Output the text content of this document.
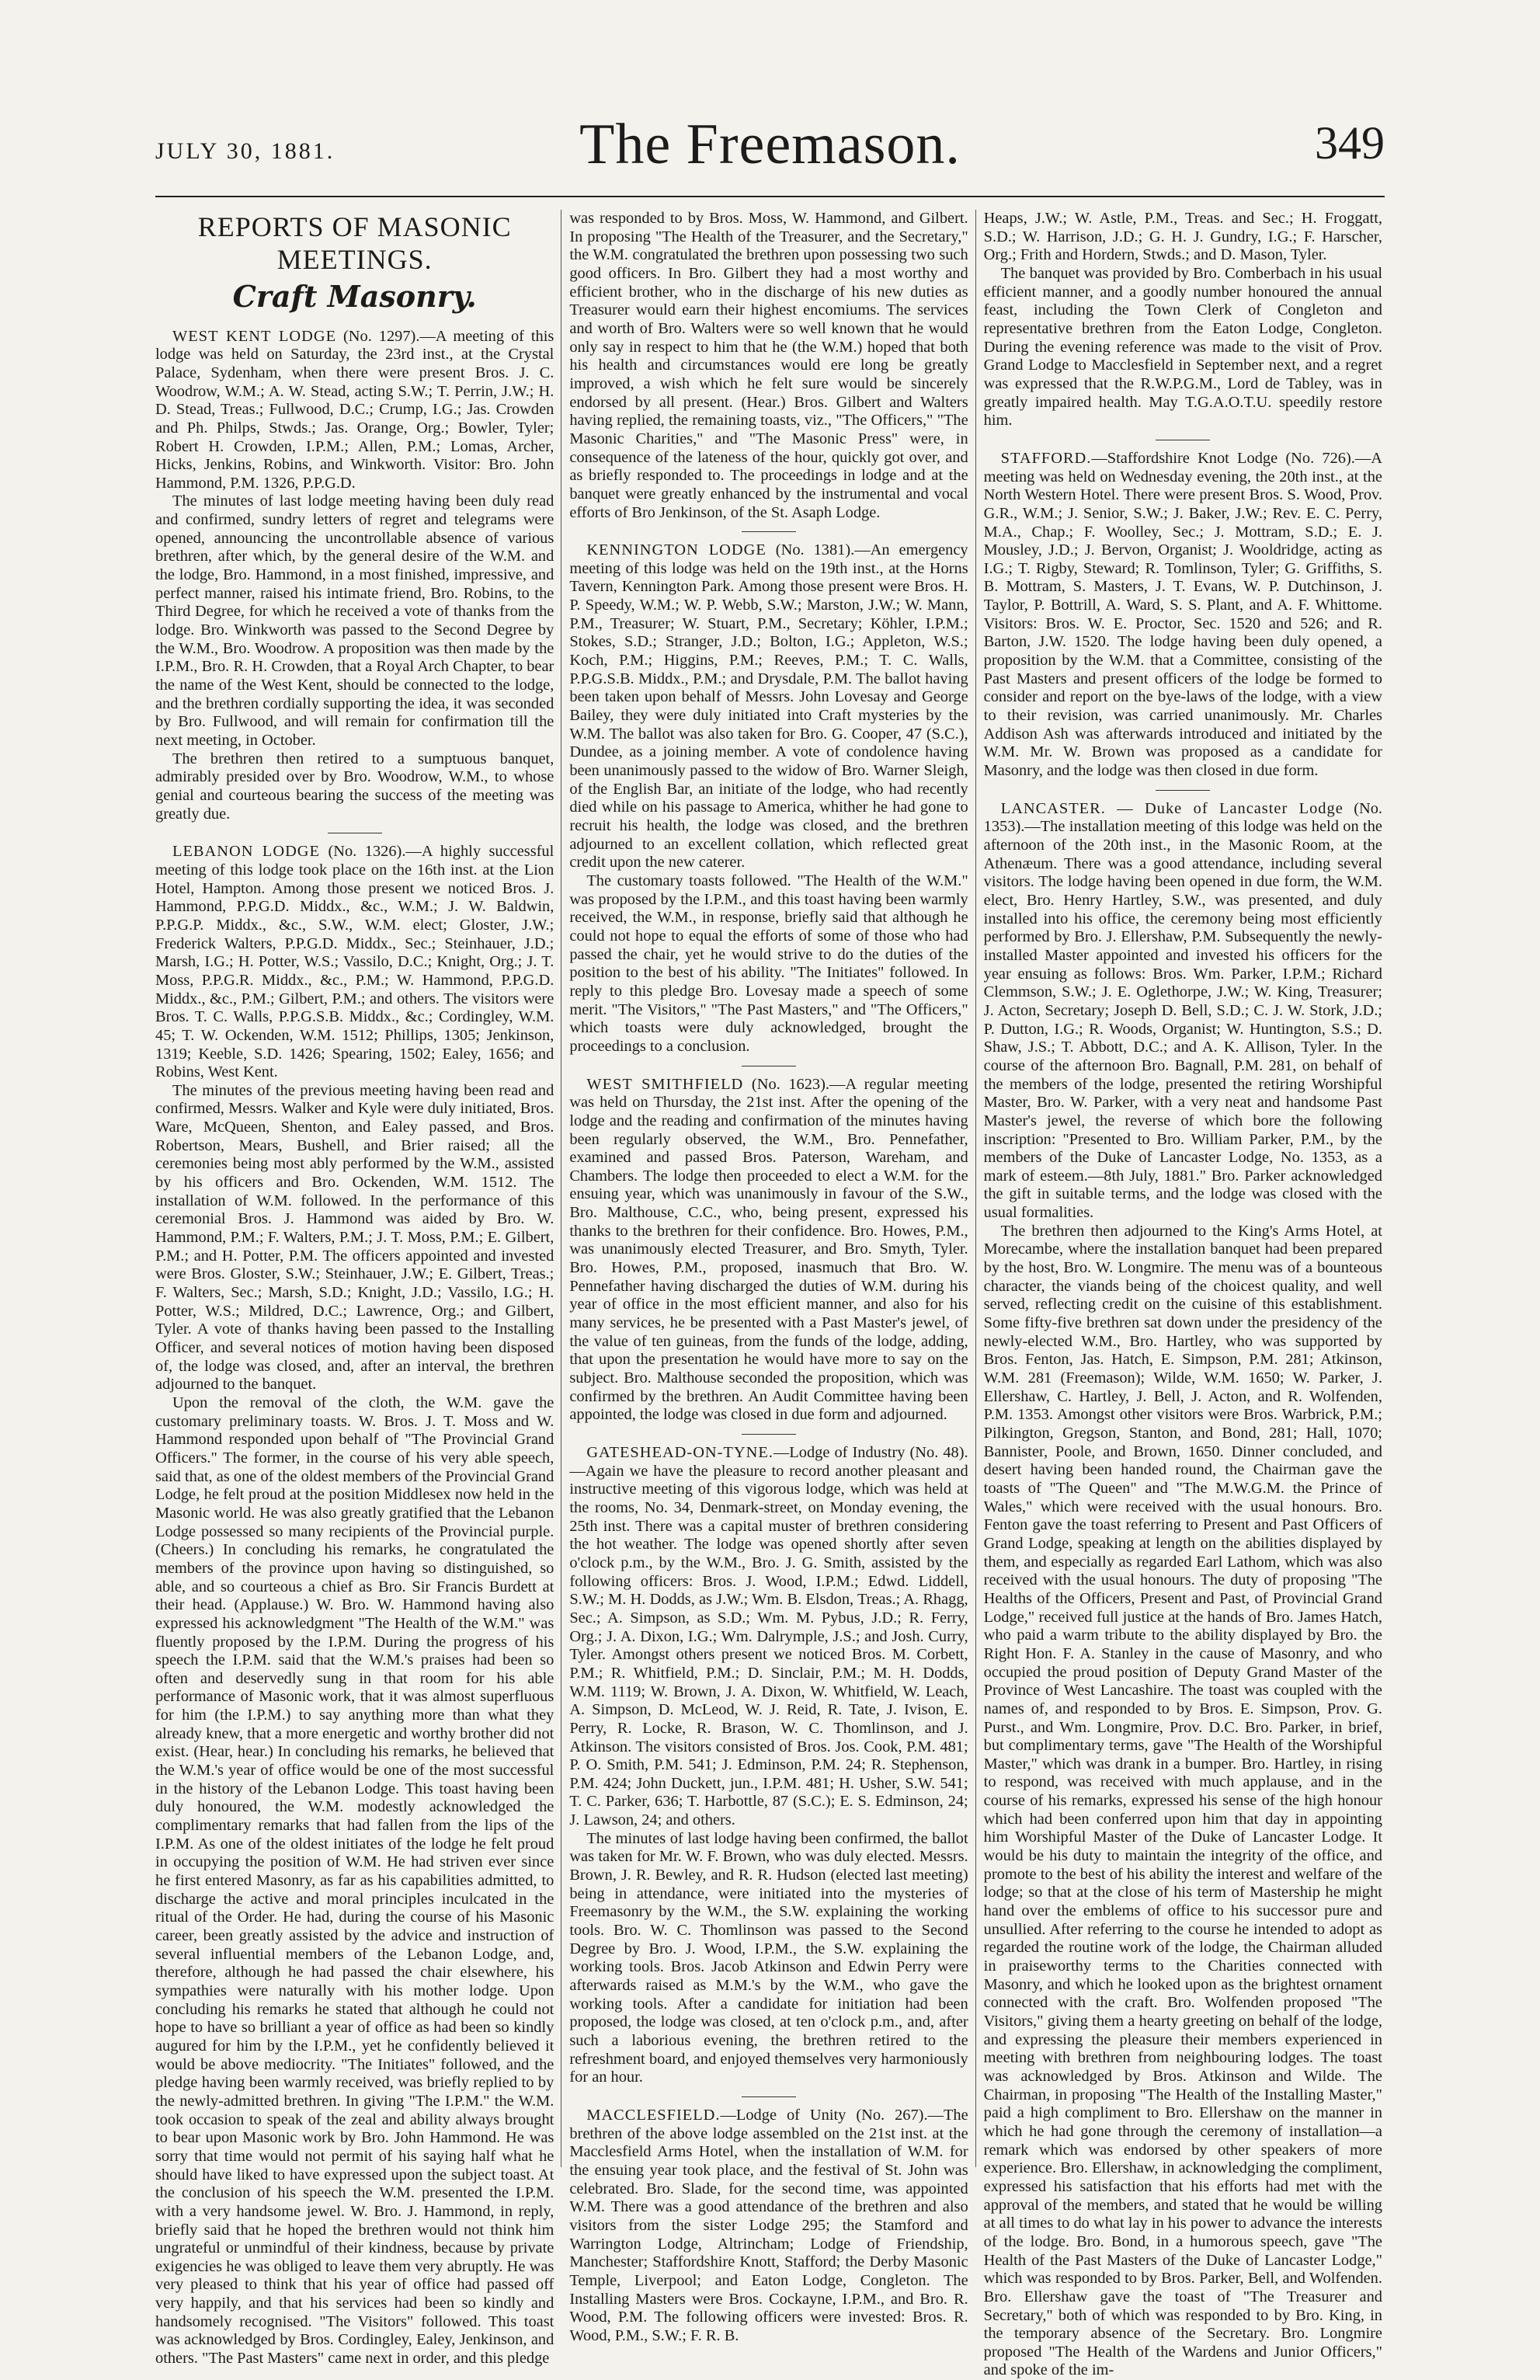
JULY 30, 1881.	The Freemason.	349
REPORTS OF MASONIC MEETINGS.
Craft Masonry.

WEST KENT LODGE (No. 1297).—A meeting of this lodge was held on Saturday, the 23rd inst., at the Crystal Palace, Sydenham, when there were present Bros. J. C. Woodrow, W.M.; A. W. Stead, acting S.W.; T. Perrin, J.W.; H. D. Stead, Treas.; Fullwood, D.C.; Crump, I.G.; Jas. Crowden and Ph. Philps, Stwds.; Jas. Orange, Org.; Bowler, Tyler; Robert H. Crowden, I.P.M.; Allen, P.M.; Lomas, Archer, Hicks, Jenkins, Robins, and Winkworth. Visitor: Bro. John Hammond, P.M. 1326, P.P.G.D.

The minutes of last lodge meeting having been duly read and confirmed, sundry letters of regret and telegrams were opened, announcing the uncontrollable absence of various brethren, after which, by the general desire of the W.M. and the lodge, Bro. Hammond, in a most finished, impressive, and perfect manner, raised his intimate friend, Bro. Robins, to the Third Degree, for which he received a vote of thanks from the lodge. Bro. Winkworth was passed to the Second Degree by the W.M., Bro. Woodrow. A proposition was then made by the I.P.M., Bro. R. H. Crowden, that a Royal Arch Chapter, to bear the name of the West Kent, should be connected to the lodge, and the brethren cordially supporting the idea, it was seconded by Bro. Fullwood, and will remain for confirmation till the next meeting, in October.

The brethren then retired to a sumptuous banquet, admirably presided over by Bro. Woodrow, W.M., to whose genial and courteous bearing the success of the meeting was greatly due.

LEBANON LODGE (No. 1326).—A highly successful meeting of this lodge took place on the 16th inst. at the Lion Hotel, Hampton. Among those present we noticed Bros. J. Hammond, P.P.G.D. Middx., &c., W.M.; J. W. Baldwin, P.P.G.P. Middx., &c., S.W., W.M. elect; Gloster, J.W.; Frederick Walters, P.P.G.D. Middx., Sec.; Steinhauer, J.D.; Marsh, I.G.; H. Potter, W.S.; Vassilo, D.C.; Knight, Org.; J. T. Moss, P.P.G.R. Middx., &c., P.M.; W. Hammond, P.P.G.D. Middx., &c., P.M.; Gilbert, P.M.; and others. The visitors were Bros. T. C. Walls, P.P.G.S.B. Middx., &c.; Cordingley, W.M. 45; T. W. Ockenden, W.M. 1512; Phillips, 1305; Jenkinson, 1319; Keeble, S.D. 1426; Spearing, 1502; Ealey, 1656; and Robins, West Kent.

The minutes of the previous meeting having been read and confirmed, Messrs. Walker and Kyle were duly initiated, Bros. Ware, McQueen, Shenton, and Ealey passed, and Bros. Robertson, Mears, Bushell, and Brier raised; all the ceremonies being most ably performed by the W.M., assisted by his officers and Bro. Ockenden, W.M. 1512. The installation of W.M. followed. In the performance of this ceremonial Bros. J. Hammond was aided by Bro. W. Hammond, P.M.; F. Walters, P.M.; J. T. Moss, P.M.; E. Gilbert, P.M.; and H. Potter, P.M. The officers appointed and invested were Bros. Gloster, S.W.; Steinhauer, J.W.; E. Gilbert, Treas.; F. Walters, Sec.; Marsh, S.D.; Knight, J.D.; Vassilo, I.G.; H. Potter, W.S.; Mildred, D.C.; Lawrence, Org.; and Gilbert, Tyler. A vote of thanks having been passed to the Installing Officer, and several notices of motion having been disposed of, the lodge was closed, and, after an interval, the brethren adjourned to the banquet.

Upon the removal of the cloth, the W.M. gave the customary preliminary toasts. W. Bros. J. T. Moss and W. Hammond responded upon behalf of "The Provincial Grand Officers." The former, in the course of his very able speech, said that, as one of the oldest members of the Provincial Grand Lodge, he felt proud at the position Middlesex now held in the Masonic world. He was also greatly gratified that the Lebanon Lodge possessed so many recipients of the Provincial purple. (Cheers.) In concluding his remarks, he congratulated the members of the province upon having so distinguished, so able, and so courteous a chief as Bro. Sir Francis Burdett at their head. (Applause.) W. Bro. W. Hammond having also expressed his acknowledgment "The Health of the W.M." was fluently proposed by the I.P.M. During the progress of his speech the I.P.M. said that the W.M.'s praises had been so often and deservedly sung in that room for his able performance of Masonic work, that it was almost superfluous for him (the I.P.M.) to say anything more than what they already knew, that a more energetic and worthy brother did not exist. (Hear, hear.) In concluding his remarks, he believed that the W.M.'s year of office would be one of the most successful in the history of the Lebanon Lodge. This toast having been duly honoured, the W.M. modestly acknowledged the complimentary remarks that had fallen from the lips of the I.P.M. As one of the oldest initiates of the lodge he felt proud in occupying the position of W.M. He had striven ever since he first entered Masonry, as far as his capabilities admitted, to discharge the active and moral principles inculcated in the ritual of the Order. He had, during the course of his Masonic career, been greatly assisted by the advice and instruction of several influential members of the Lebanon Lodge, and, therefore, although he had passed the chair elsewhere, his sympathies were naturally with his mother lodge. Upon concluding his remarks he stated that although he could not hope to have so brilliant a year of office as had been so kindly augured for him by the I.P.M., yet he confidently believed it would be above mediocrity. "The Initiates" followed, and the pledge having been warmly received, was briefly replied to by the newly-admitted brethren. In giving "The I.P.M." the W.M. took occasion to speak of the zeal and ability always brought to bear upon Masonic work by Bro. John Hammond. He was sorry that time would not permit of his saying half what he should have liked to have expressed upon the subject toast. At the conclusion of his speech the W.M. presented the I.P.M. with a very handsome jewel. W. Bro. J. Hammond, in reply, briefly said that he hoped the brethren would not think him ungrateful or unmindful of their kindness, because by private exigencies he was obliged to leave them very abruptly. He was very pleased to think that his year of office had passed off very happily, and that his services had been so kindly and handsomely recognised. "The Visitors" followed. This toast was acknowledged by Bros. Cordingley, Ealey, Jenkinson, and others. "The Past Masters" came next in order, and this pledge

was responded to by Bros. Moss, W. Hammond, and Gilbert. In proposing "The Health of the Treasurer, and the Secretary," the W.M. congratulated the brethren upon possessing two such good officers. In Bro. Gilbert they had a most worthy and efficient brother, who in the discharge of his new duties as Treasurer would earn their highest encomiums. The services and worth of Bro. Walters were so well known that he would only say in respect to him that he (the W.M.) hoped that both his health and circumstances would ere long be greatly improved, a wish which he felt sure would be sincerely endorsed by all present. (Hear.) Bros. Gilbert and Walters having replied, the remaining toasts, viz., "The Officers," "The Masonic Charities," and "The Masonic Press" were, in consequence of the lateness of the hour, quickly got over, and as briefly responded to. The proceedings in lodge and at the banquet were greatly enhanced by the instrumental and vocal efforts of Bro Jenkinson, of the St. Asaph Lodge.

KENNINGTON LODGE (No. 1381).—An emergency meeting of this lodge was held on the 19th inst., at the Horns Tavern, Kennington Park. Among those present were Bros. H. P. Speedy, W.M.; W. P. Webb, S.W.; Marston, J.W.; W. Mann, P.M., Treasurer; W. Stuart, P.M., Secretary; Köhler, I.P.M.; Stokes, S.D.; Stranger, J.D.; Bolton, I.G.; Appleton, W.S.; Koch, P.M.; Higgins, P.M.; Reeves, P.M.; T. C. Walls, P.P.G.S.B. Middx., P.M.; and Drysdale, P.M. The ballot having been taken upon behalf of Messrs. John Lovesay and George Bailey, they were duly initiated into Craft mysteries by the W.M. The ballot was also taken for Bro. G. Cooper, 47 (S.C.), Dundee, as a joining member. A vote of condolence having been unanimously passed to the widow of Bro. Warner Sleigh, of the English Bar, an initiate of the lodge, who had recently died while on his passage to America, whither he had gone to recruit his health, the lodge was closed, and the brethren adjourned to an excellent collation, which reflected great credit upon the new caterer.

The customary toasts followed. "The Health of the W.M." was proposed by the I.P.M., and this toast having been warmly received, the W.M., in response, briefly said that although he could not hope to equal the efforts of some of those who had passed the chair, yet he would strive to do the duties of the position to the best of his ability. "The Initiates" followed. In reply to this pledge Bro. Lovesay made a speech of some merit. "The Visitors," "The Past Masters," and "The Officers," which toasts were duly acknowledged, brought the proceedings to a conclusion.

WEST SMITHFIELD (No. 1623).—A regular meeting was held on Thursday, the 21st inst. After the opening of the lodge and the reading and confirmation of the minutes having been regularly observed, the W.M., Bro. Pennefather, examined and passed Bros. Paterson, Wareham, and Chambers. The lodge then proceeded to elect a W.M. for the ensuing year, which was unanimously in favour of the S.W., Bro. Malthouse, C.C., who, being present, expressed his thanks to the brethren for their confidence. Bro. Howes, P.M., was unanimously elected Treasurer, and Bro. Smyth, Tyler. Bro. Howes, P.M., proposed, inasmuch that Bro. W. Pennefather having discharged the duties of W.M. during his year of office in the most efficient manner, and also for his many services, he be presented with a Past Master's jewel, of the value of ten guineas, from the funds of the lodge, adding, that upon the presentation he would have more to say on the subject. Bro. Malthouse seconded the proposition, which was confirmed by the brethren. An Audit Committee having been appointed, the lodge was closed in due form and adjourned.

GATESHEAD-ON-TYNE.—Lodge of Industry (No. 48).—Again we have the pleasure to record another pleasant and instructive meeting of this vigorous lodge, which was held at the rooms, No. 34, Denmark-street, on Monday evening, the 25th inst. There was a capital muster of brethren considering the hot weather. The lodge was opened shortly after seven o'clock p.m., by the W.M., Bro. J. G. Smith, assisted by the following officers: Bros. J. Wood, I.P.M.; Edwd. Liddell, S.W.; M. H. Dodds, as J.W.; Wm. B. Elsdon, Treas.; A. Rhagg, Sec.; A. Simpson, as S.D.; Wm. M. Pybus, J.D.; R. Ferry, Org.; J. A. Dixon, I.G.; Wm. Dalrymple, J.S.; and Josh. Curry, Tyler. Amongst others present we noticed Bros. M. Corbett, P.M.; R. Whitfield, P.M.; D. Sinclair, P.M.; M. H. Dodds, W.M. 1119; W. Brown, J. A. Dixon, W. Whitfield, W. Leach, A. Simpson, D. McLeod, W. J. Reid, R. Tate, J. Ivison, E. Perry, R. Locke, R. Brason, W. C. Thomlinson, and J. Atkinson. The visitors consisted of Bros. Jos. Cook, P.M. 481; P. O. Smith, P.M. 541; J. Edminson, P.M. 24; R. Stephenson, P.M. 424; John Duckett, jun., I.P.M. 481; H. Usher, S.W. 541; T. C. Parker, 636; T. Harbottle, 87 (S.C.); E. S. Edminson, 24; J. Lawson, 24; and others.

The minutes of last lodge having been confirmed, the ballot was taken for Mr. W. F. Brown, who was duly elected. Messrs. Brown, J. R. Bewley, and R. R. Hudson (elected last meeting) being in attendance, were initiated into the mysteries of Freemasonry by the W.M., the S.W. explaining the working tools. Bro. W. C. Thomlinson was passed to the Second Degree by Bro. J. Wood, I.P.M., the S.W. explaining the working tools. Bros. Jacob Atkinson and Edwin Perry were afterwards raised as M.M.'s by the W.M., who gave the working tools. After a candidate for initiation had been proposed, the lodge was closed, at ten o'clock p.m., and, after such a laborious evening, the brethren retired to the refreshment board, and enjoyed themselves very harmoniously for an hour.

MACCLESFIELD.—Lodge of Unity (No. 267).—The brethren of the above lodge assembled on the 21st inst. at the Macclesfield Arms Hotel, when the installation of W.M. for the ensuing year took place, and the festival of St. John was celebrated. Bro. Slade, for the second time, was appointed W.M. There was a good attendance of the brethren and also visitors from the sister Lodge 295; the Stamford and Warrington Lodge, Altrincham; Lodge of Friendship, Manchester; Staffordshire Knott, Stafford; the Derby Masonic Temple, Liverpool; and Eaton Lodge, Congleton. The Installing Masters were Bros. Cockayne, I.P.M., and Bro. R. Wood, P.M. The following officers were invested: Bros. R. Wood, P.M., S.W.; F. R. B.

Heaps, J.W.; W. Astle, P.M., Treas. and Sec.; H. Froggatt, S.D.; W. Harrison, J.D.; G. H. J. Gundry, I.G.; F. Harscher, Org.; Frith and Hordern, Stwds.; and D. Mason, Tyler.

The banquet was provided by Bro. Comberbach in his usual efficient manner, and a goodly number honoured the annual feast, including the Town Clerk of Congleton and representative brethren from the Eaton Lodge, Congleton. During the evening reference was made to the visit of Prov. Grand Lodge to Macclesfield in September next, and a regret was expressed that the R.W.P.G.M., Lord de Tabley, was in greatly impaired health. May T.G.A.O.T.U. speedily restore him.

STAFFORD.—Staffordshire Knot Lodge (No. 726).—A meeting was held on Wednesday evening, the 20th inst., at the North Western Hotel. There were present Bros. S. Wood, Prov. G.R., W.M.; J. Senior, S.W.; J. Baker, J.W.; Rev. E. C. Perry, M.A., Chap.; F. Woolley, Sec.; J. Mottram, S.D.; E. J. Mousley, J.D.; J. Bervon, Organist; J. Wooldridge, acting as I.G.; T. Rigby, Steward; R. Tomlinson, Tyler; G. Griffiths, S. B. Mottram, S. Masters, J. T. Evans, W. P. Dutchinson, J. Taylor, P. Bottrill, A. Ward, S. S. Plant, and A. F. Whittome. Visitors: Bros. W. E. Proctor, Sec. 1520 and 526; and R. Barton, J.W. 1520. The lodge having been duly opened, a proposition by the W.M. that a Committee, consisting of the Past Masters and present officers of the lodge be formed to consider and report on the bye-laws of the lodge, with a view to their revision, was carried unanimously. Mr. Charles Addison Ash was afterwards introduced and initiated by the W.M. Mr. W. Brown was proposed as a candidate for Masonry, and the lodge was then closed in due form.

LANCASTER. — Duke of Lancaster Lodge (No. 1353).—The installation meeting of this lodge was held on the afternoon of the 20th inst., in the Masonic Room, at the Athenæum. There was a good attendance, including several visitors. The lodge having been opened in due form, the W.M. elect, Bro. Henry Hartley, S.W., was presented, and duly installed into his office, the ceremony being most efficiently performed by Bro. J. Ellershaw, P.M. Subsequently the newly-installed Master appointed and invested his officers for the year ensuing as follows: Bros. Wm. Parker, I.P.M.; Richard Clemmson, S.W.; J. E. Oglethorpe, J.W.; W. King, Treasurer; J. Acton, Secretary; Joseph D. Bell, S.D.; C. J. W. Stork, J.D.; P. Dutton, I.G.; R. Woods, Organist; W. Huntington, S.S.; D. Shaw, J.S.; T. Abbott, D.C.; and A. K. Allison, Tyler. In the course of the afternoon Bro. Bagnall, P.M. 281, on behalf of the members of the lodge, presented the retiring Worshipful Master, Bro. W. Parker, with a very neat and handsome Past Master's jewel, the reverse of which bore the following inscription: "Presented to Bro. William Parker, P.M., by the members of the Duke of Lancaster Lodge, No. 1353, as a mark of esteem.—8th July, 1881." Bro. Parker acknowledged the gift in suitable terms, and the lodge was closed with the usual formalities.

The brethren then adjourned to the King's Arms Hotel, at Morecambe, where the installation banquet had been prepared by the host, Bro. W. Longmire. The menu was of a bounteous character, the viands being of the choicest quality, and well served, reflecting credit on the cuisine of this establishment. Some fifty-five brethren sat down under the presidency of the newly-elected W.M., Bro. Hartley, who was supported by Bros. Fenton, Jas. Hatch, E. Simpson, P.M. 281; Atkinson, W.M. 281 (Freemason); Wilde, W.M. 1650; W. Parker, J. Ellershaw, C. Hartley, J. Bell, J. Acton, and R. Wolfenden, P.M. 1353. Amongst other visitors were Bros. Warbrick, P.M.; Pilkington, Gregson, Stanton, and Bond, 281; Hall, 1070; Bannister, Poole, and Brown, 1650. Dinner concluded, and desert having been handed round, the Chairman gave the toasts of "The Queen" and "The M.W.G.M. the Prince of Wales," which were received with the usual honours. Bro. Fenton gave the toast referring to Present and Past Officers of Grand Lodge, speaking at length on the abilities displayed by them, and especially as regarded Earl Lathom, which was also received with the usual honours. The duty of proposing "The Healths of the Officers, Present and Past, of Provincial Grand Lodge," received full justice at the hands of Bro. James Hatch, who paid a warm tribute to the ability displayed by Bro. the Right Hon. F. A. Stanley in the cause of Masonry, and who occupied the proud position of Deputy Grand Master of the Province of West Lancashire. The toast was coupled with the names of, and responded to by Bros. E. Simpson, Prov. G. Purst., and Wm. Longmire, Prov. D.C. Bro. Parker, in brief, but complimentary terms, gave "The Health of the Worshipful Master," which was drank in a bumper. Bro. Hartley, in rising to respond, was received with much applause, and in the course of his remarks, expressed his sense of the high honour which had been conferred upon him that day in appointing him Worshipful Master of the Duke of Lancaster Lodge. It would be his duty to maintain the integrity of the office, and promote to the best of his ability the interest and welfare of the lodge; so that at the close of his term of Mastership he might hand over the emblems of office to his successor pure and unsullied. After referring to the course he intended to adopt as regarded the routine work of the lodge, the Chairman alluded in praiseworthy terms to the Charities connected with Masonry, and which he looked upon as the brightest ornament connected with the craft. Bro. Wolfenden proposed "The Visitors," giving them a hearty greeting on behalf of the lodge, and expressing the pleasure their members experienced in meeting with brethren from neighbouring lodges. The toast was acknowledged by Bros. Atkinson and Wilde. The Chairman, in proposing "The Health of the Installing Master," paid a high compliment to Bro. Ellershaw on the manner in which he had gone through the ceremony of installation—a remark which was endorsed by other speakers of more experience. Bro. Ellershaw, in acknowledging the compliment, expressed his satisfaction that his efforts had met with the approval of the members, and stated that he would be willing at all times to do what lay in his power to advance the interests of the lodge. Bro. Bond, in a humorous speech, gave "The Health of the Past Masters of the Duke of Lancaster Lodge," which was responded to by Bros. Parker, Bell, and Wolfenden. Bro. Ellershaw gave the toast of "The Treasurer and Secretary," both of which was responded to by Bro. King, in the temporary absence of the Secretary. Bro. Longmire proposed "The Health of the Wardens and Junior Officers," and spoke of the im-
